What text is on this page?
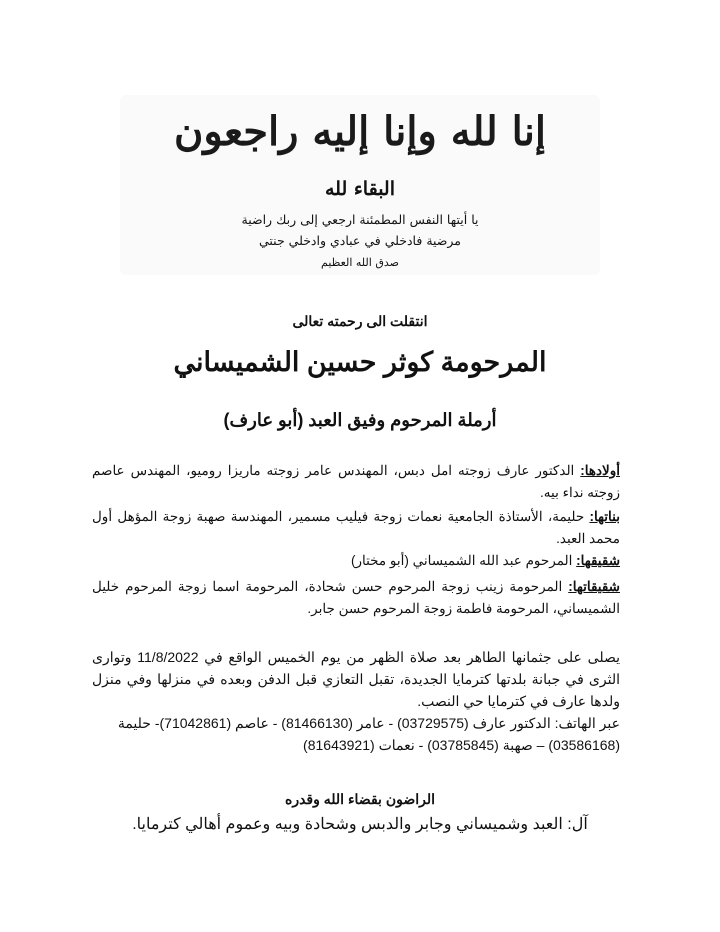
إنا لله وإنا إليه راجعون
البقاء لله
يا أيتها النفس المطمئنة ارجعي إلى ربك راضية
مرضية فادخلي في عبادي وادخلي جنتي
صدق الله العظيم
انتقلت الى رحمته تعالى
المرحومة كوثر حسين الشميساني
أرملة المرحوم وفيق العبد (أبو عارف)
أولادها: الدكتور عارف زوجته امل دبس، المهندس عامر زوجته ماريزا روميو، المهندس عاصم زوجته نداء بيه.
بناتها: حليمة، الأستاذة الجامعية نعمات زوجة فيليب مسمير، المهندسة صهبة زوجة المؤهل أول محمد العبد.
شقيقها: المرحوم عبد الله الشميساني (أبو مختار)
شقيقاتها: المرحومة زينب زوجة المرحوم حسن شحادة، المرحومة اسما زوجة المرحوم خليل الشميساني، المرحومة فاطمة زوجة المرحوم حسن جابر.
يصلى على جثمانها الطاهر بعد صلاة الظهر من يوم الخميس الواقع في 11/8/2022 وتوارى الثرى في جبانة بلدتها كترمايا الجديدة، تقبل التعازي قبل الدفن وبعده في منزلها وفي منزل ولدها عارف في كترمايا حي النصب.
عبر الهاتف: الدكتور عارف (03729575) - عامر (81466130) - عاصم (71042861)- حليمة (03586168) – صهبة (03785845) - نعمات (81643921)
الراضون بقضاء الله وقدره
آل: العبد وشميساني وجابر والدبس وشحادة وبيه وعموم أهالي كترمايا.
